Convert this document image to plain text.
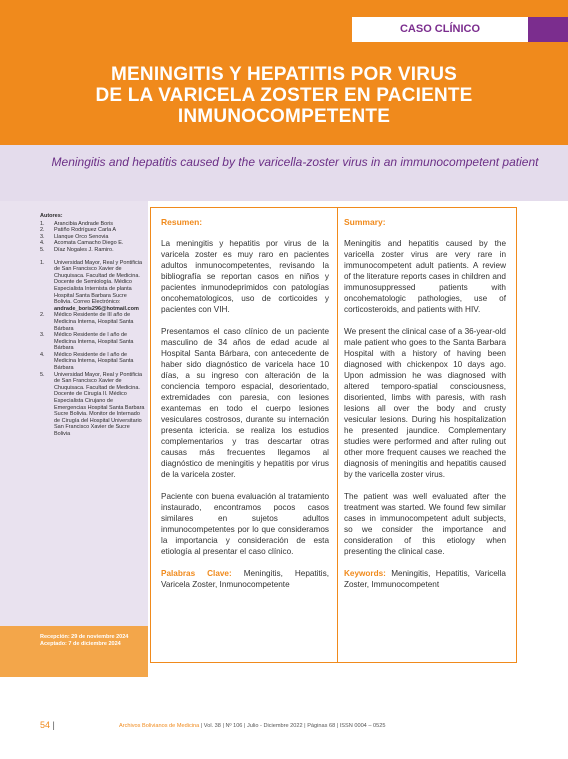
CASO CLÍNICO
MENINGITIS Y HEPATITIS POR VIRUS
DE LA VARICELA ZOSTER EN PACIENTE
INMUNOCOMPETENTE
Meningitis and hepatitis caused by the varicella-zoster virus in an immunocompetent patient
Autores:
1.	Arancibia Andrade Boris
2.	Patiño Rodríguez Carla A
3.	Llanque Orco Senovia
4.	Acomata Camacho Diego E.
5.	Díaz Nogales J. Ramiro.
1.	Universidad Mayor, Real y Pontificia de San Francisco Xavier de Chuquisaca. Facultad de Medicina. Docente de Semiología. Médico Especialista Internista de planta Hospital Santa Barbara Sucre Bolivia. Correo Electrónico: andrade_boris296@hotmail.com
2.	Médico Residente de III año de Medicina Interna, Hospital Santa Bárbara
3.	Médico Residente de I año de Medicina Interna, Hospital Santa Bárbara
4.	Médico Residente de I año de Medicina Interna, Hospital Santa Bárbara
5.	Universidad Mayor, Real y Pontificia de San Francisco Xavier de Chuquisaca. Facultad de Medicina. Docente de Cirugía II. Médico Especialista Cirujano de Emergencias Hospital Santa Barbara Sucre Bolivia. Monitor de Internado de Cirugía del Hospital Universitario San Francisco Xavier de Sucre Bolivia
Recepción: 29 de noviembre 2024
Aceptado: 7 de diciembre 2024
Resumen:

La meningitis y hepatitis por virus de la varicela zoster es muy raro en pacientes adultos inmunocompetentes, revisando la bibliografía se reportan casos en niños y pacientes inmunodeprimidos con patologías oncohematologicos, uso de corticoides y pacientes con VIH.

Presentamos el caso clínico de un paciente masculino de 34 años de edad acude al Hospital Santa Bárbara, con antecedente de haber sido diagnóstico de varicela hace 10 días, a su ingreso con alteración de la conciencia temporo espacial, desorientado, extremidades con paresia, con lesiones exantemas en todo el cuerpo lesiones vesiculares costrosos, durante su internación presenta ictericia. se realiza los estudios complementarios y tras descartar otras causas más frecuentes llegamos al diagnóstico de meningitis y hepatitis por virus de la varicela zoster.

Paciente con buena evaluación al tratamiento instaurado, encontramos pocos casos similares en sujetos adultos inmunocompetentes por lo que consideramos la importancia y consideración de esta etiología al presentar el caso clínico.

Palabras Clave: Meningitis, Hepatitis, Varicela Zoster, Inmunocompetente

Summary:

Meningitis and hepatitis caused by the varicella zoster virus are very rare in immunocompetent adult patients. A review of the literature reports cases in children and immunosuppressed patients with oncohematologic pathologies, use of corticosteroids, and patients with HIV.

We present the clinical case of a 36-year-old male patient who goes to the Santa Barbara Hospital with a history of having been diagnosed with chickenpox 10 days ago. Upon admission he was diagnosed with altered temporo-spatial consciousness, disoriented, limbs with paresis, with rash lesions all over the body and crusty vesicular lesions. During his hospitalization he presented jaundice. Complementary studies were performed and after ruling out other more frequent causes we reached the diagnosis of meningitis and hepatitis caused by the varicella zoster virus.

The patient was well evaluated after the treatment was started. We found few similar cases in immunocompetent adult subjects, so we consider the importance and consideration of this etiology when presenting the clinical case.

Keywords: Meningitis, Hepatitis, Varicella Zoster, Immunocompetent

54 |	Archivos Bolivianos de Medicina | Vol. 38 | Nº 106 | Julio - Diciembre 2022 | Páginas 68 | ISSN 0004 – 0525
